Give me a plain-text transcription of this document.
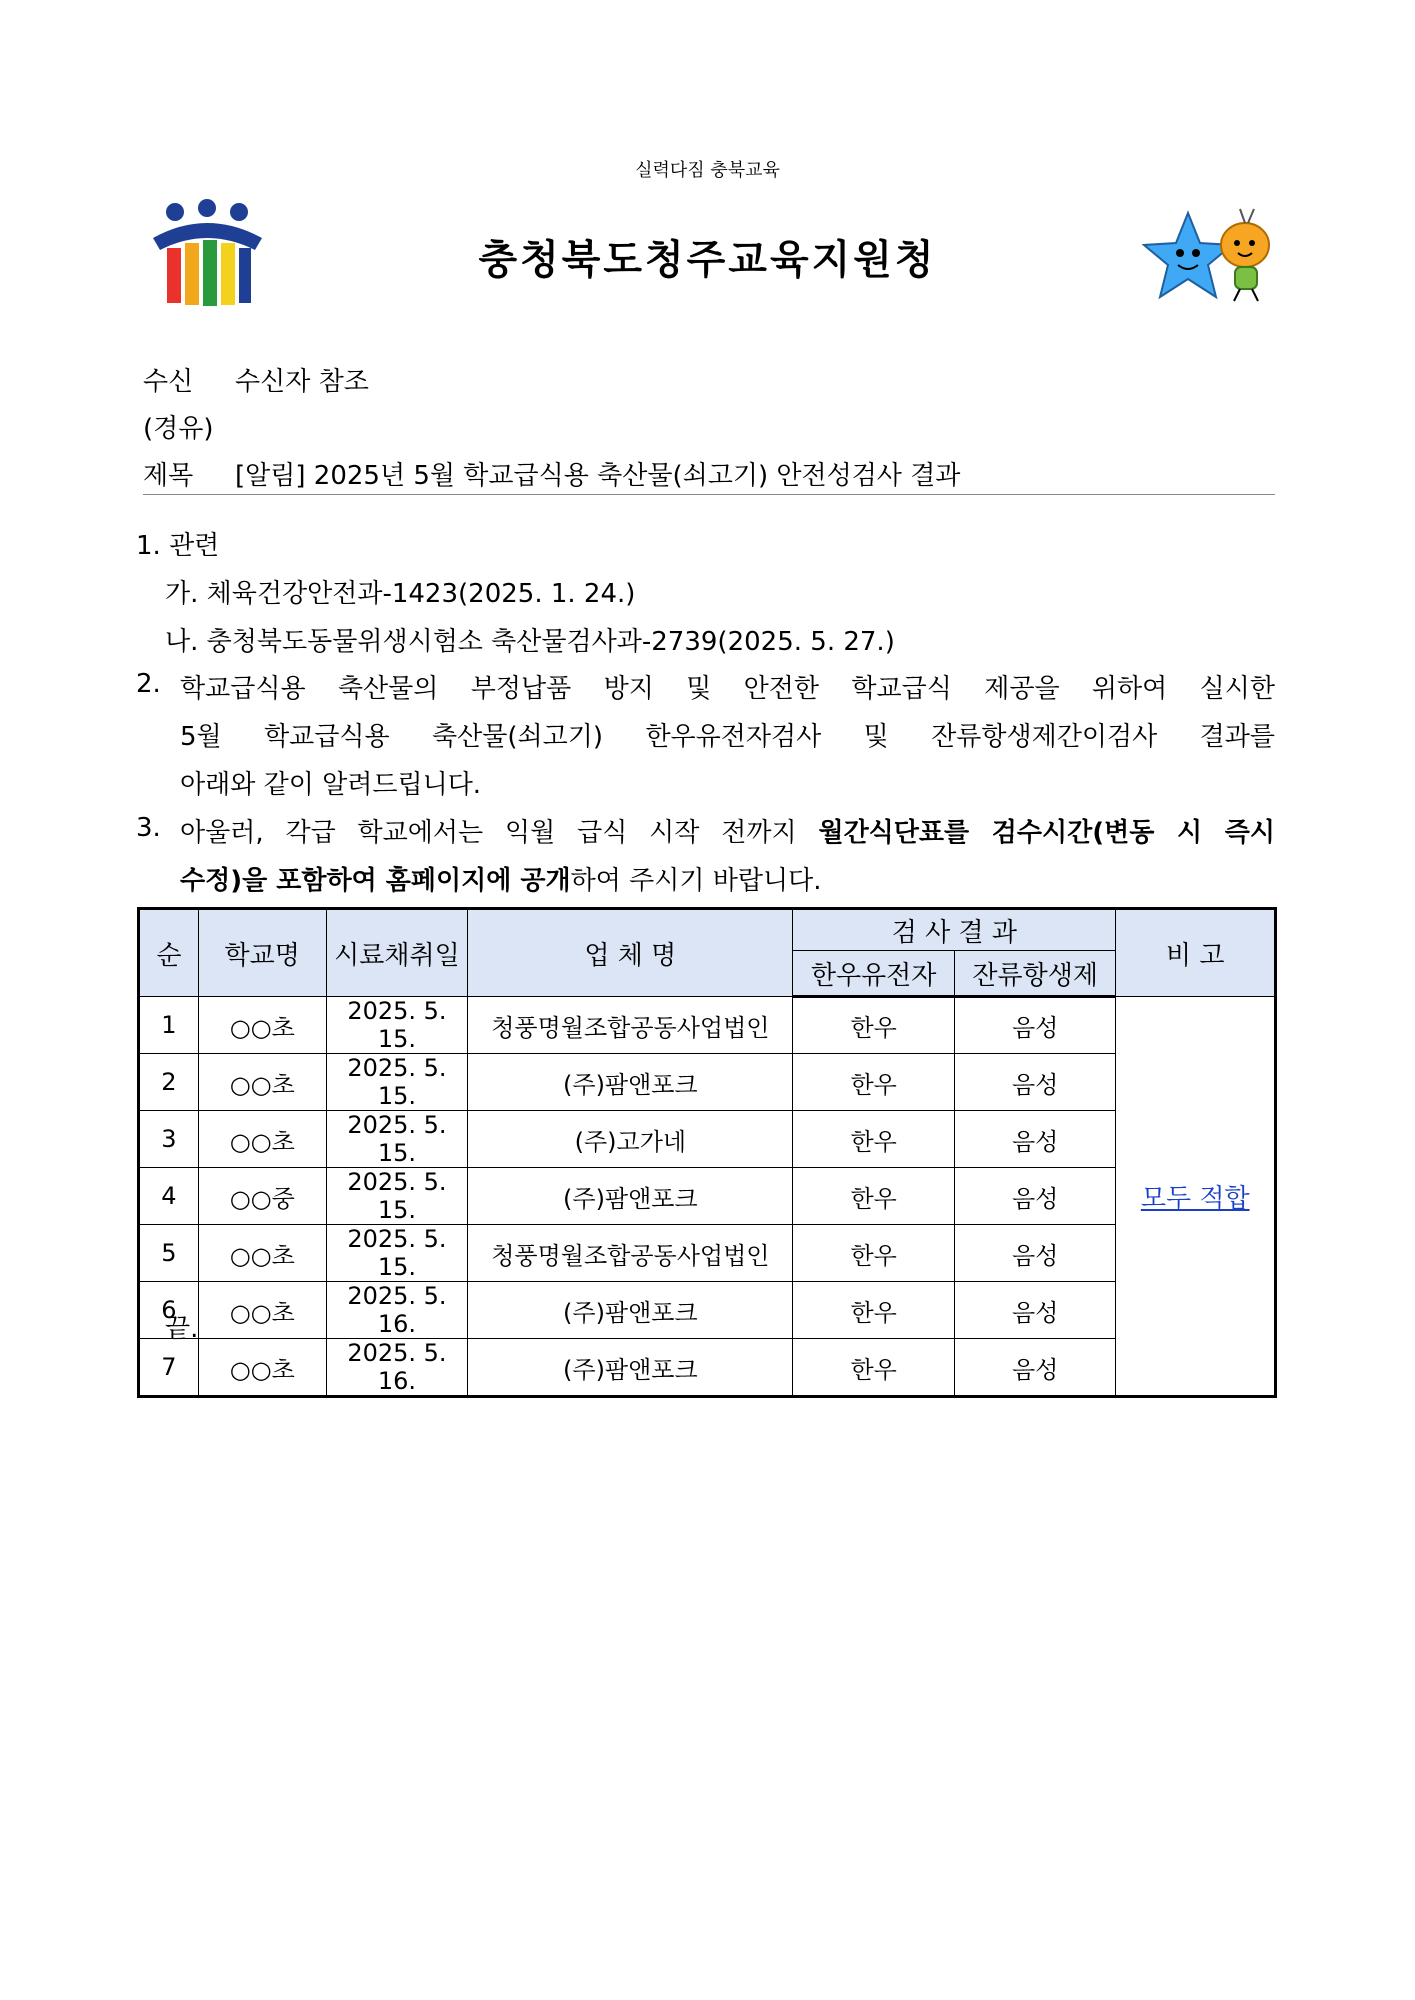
실력다짐 충북교육
충청북도청주교육지원청
수신 수신자 참조
(경유)
제목 [알림] 2025년 5월 학교급식용 축산물(쇠고기) 안전성검사 결과
1. 관련
가. 체육건강안전과-1423(2025. 1. 24.)
나. 충청북도동물위생시험소 축산물검사과-2739(2025. 5. 27.)
2. 학교급식용 축산물의 부정납품 방지 및 안전한 학교급식 제공을 위하여 실시한
5월 학교급식용 축산물(쇠고기) 한우유전자검사 및 잔류항생제간이검사 결과를
아래와 같이 알려드립니다.
3. 아울러, 각급 학교에서는 익월 급식 시작 전까지 월간식단표를 검수시간(변동 시 즉시
수정)을 포함하여 홈페이지에 공개하여 주시기 바랍니다.
순	학교명	시료채취일	업 체 명	검 사 결 과		비 고
				한우유전자	잔류항생제	
1	○○초	2025. 5. 15.	청풍명월조합공동사업법인	한우	음성	모두 적합
2	○○초	2025. 5. 15.	(주)팜앤포크	한우	음성	
3	○○초	2025. 5. 15.	(주)고가네	한우	음성	
4	○○중	2025. 5. 15.	(주)팜앤포크	한우	음성	
5	○○초	2025. 5. 15.	청풍명월조합공동사업법인	한우	음성	
6	○○초	2025. 5. 16.	(주)팜앤포크	한우	음성	
7	○○초	2025. 5. 16.	(주)팜앤포크	한우	음성	
끝.
